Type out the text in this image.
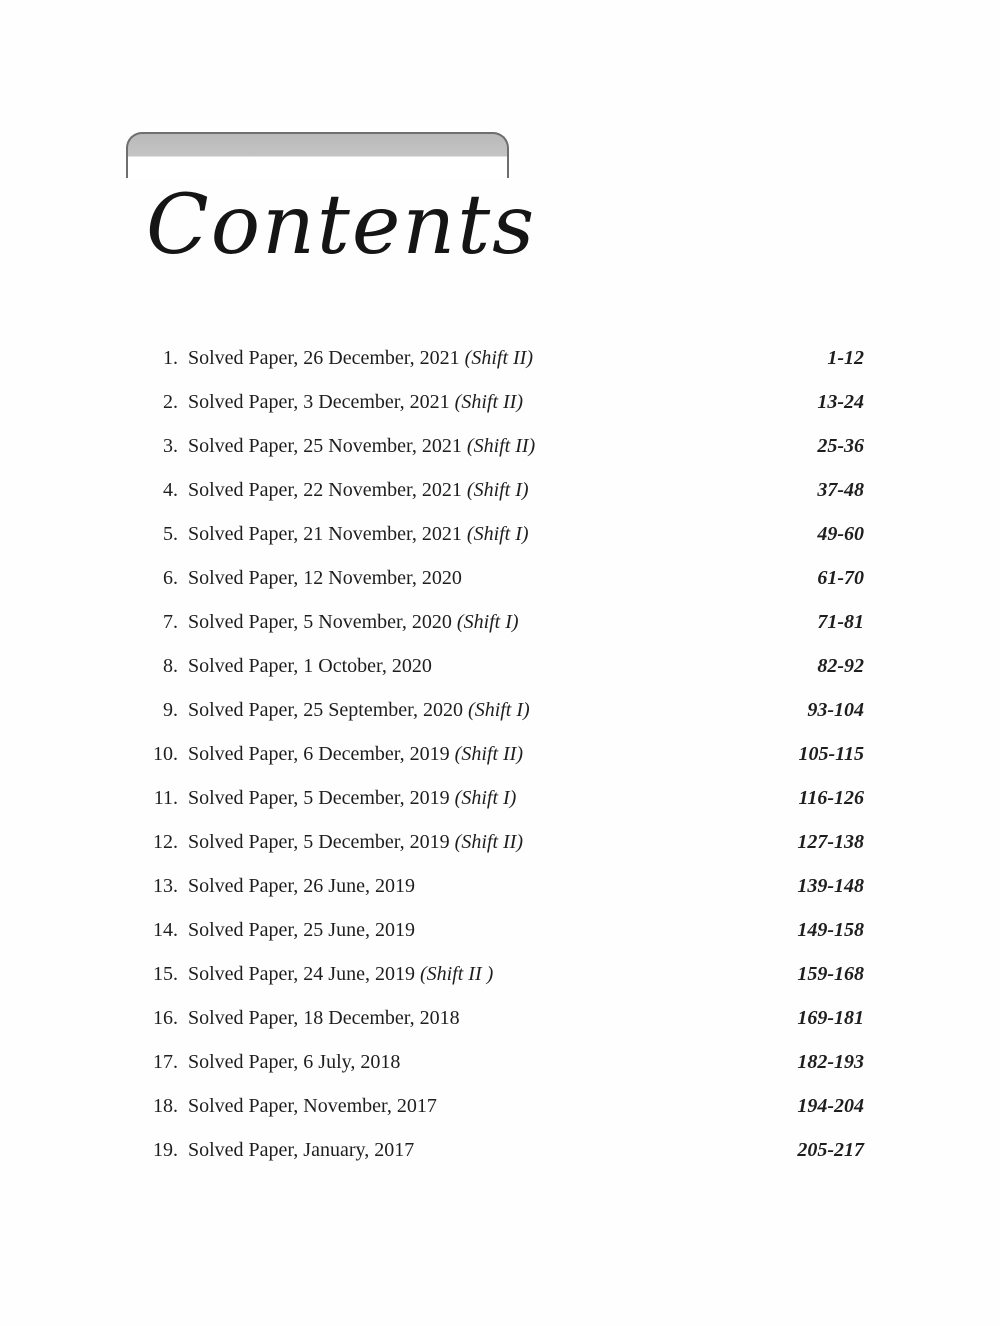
Contents
1. Solved Paper, 26 December, 2021 (Shift II)	1-12
2. Solved Paper, 3 December, 2021 (Shift II)	13-24
3. Solved Paper, 25 November, 2021 (Shift II)	25-36
4. Solved Paper, 22 November, 2021 (Shift I)	37-48
5. Solved Paper, 21 November, 2021 (Shift I)	49-60
6. Solved Paper, 12 November, 2020	61-70
7. Solved Paper, 5 November, 2020 (Shift I)	71-81
8. Solved Paper, 1 October, 2020	82-92
9. Solved Paper, 25 September, 2020 (Shift I)	93-104
10. Solved Paper, 6 December, 2019 (Shift II)	105-115
11. Solved Paper, 5 December, 2019 (Shift I)	116-126
12. Solved Paper, 5 December, 2019 (Shift II)	127-138
13. Solved Paper, 26 June, 2019	139-148
14. Solved Paper, 25 June, 2019	149-158
15. Solved Paper, 24 June, 2019 (Shift II )	159-168
16. Solved Paper, 18 December, 2018	169-181
17. Solved Paper, 6 July, 2018	182-193
18. Solved Paper, November, 2017	194-204
19. Solved Paper, January, 2017	205-217
